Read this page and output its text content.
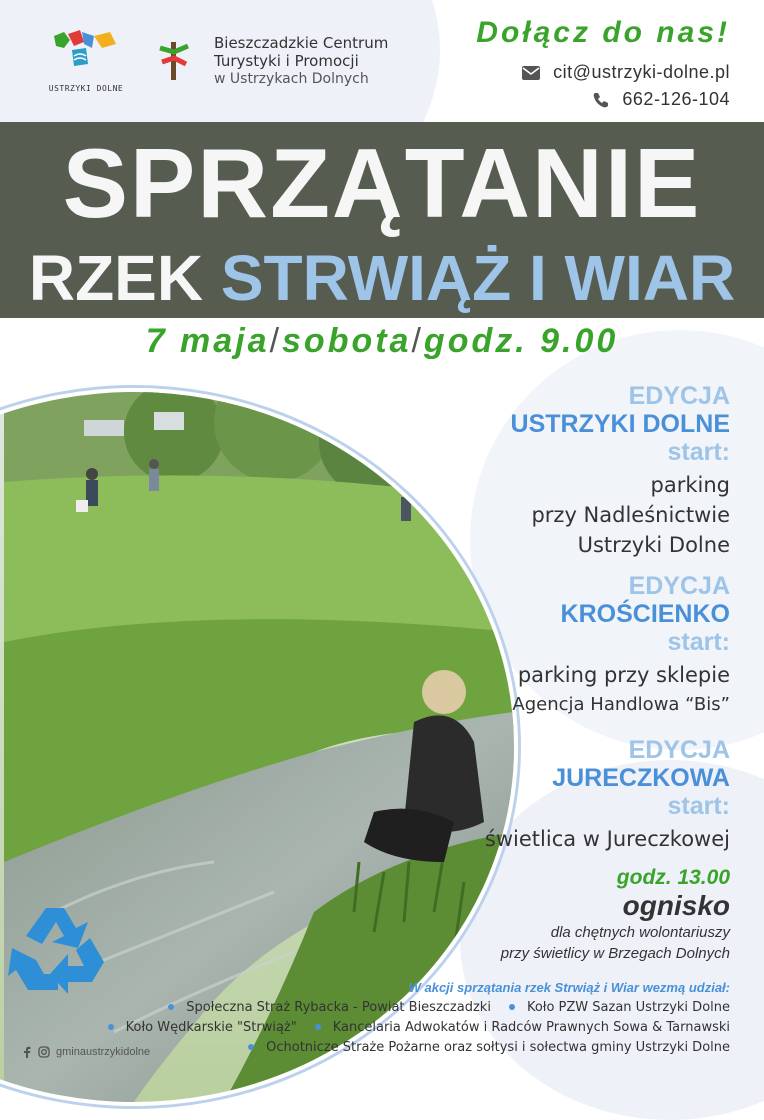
USTRZYKI DOLNE
Bieszczadzkie Centrum
Turystyki i Promocji
w Ustrzykach Dolnych
Dołącz do nas!
cit@ustrzyki-dolne.pl
662-126-104
SPRZĄTANIE
RZEK STRWIĄŻ I WIAR
7 maja/sobota/godz. 9.00
EDYCJA
USTRZYKI DOLNE
start:
parking
przy Nadleśnictwie
Ustrzyki Dolne
EDYCJA
KROŚCIENKO
start:
parking przy sklepie
Agencja Handlowa “Bis”
EDYCJA
JURECZKOWA
start:
świetlica w Jureczkowej
godz. 13.00
ognisko
dla chętnych wolontariuszy
przy świetlicy w Brzegach Dolnych
W akcji sprzątania rzek Strwiąż i Wiar wezmą udział:
Społeczna Straż Rybacka - Powiat Bieszczadzki	Koło PZW Sazan Ustrzyki Dolne
Koło Wędkarskie "Strwiąż"	Kancelaria Adwokatów i Radców Prawnych Sowa & Tarnawski
Ochotnicze Straże Pożarne oraz sołtysi i sołectwa gminy Ustrzyki Dolne
gminaustrzykidolne
